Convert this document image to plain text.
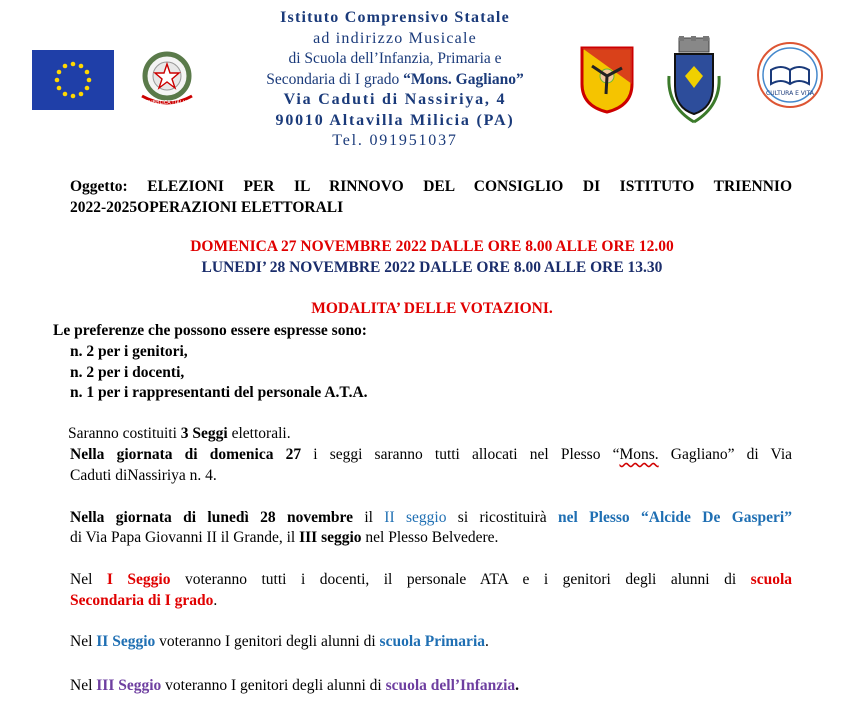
REPUBBLICA ITALIANA
Istituto Comprensivo Statale
ad indirizzo Musicale
di Scuola dell’Infanzia, Primaria e
Secondaria di I grado “Mons. Gagliano”
Via Caduti di Nassiriya, 4
90010 Altavilla Milicia (PA)
Tel. 091951037
CULTURA E VITA
Oggetto: ELEZIONI PER IL RINNOVO DEL CONSIGLIO DI ISTITUTO TRIENNIO
2022-2025OPERAZIONI ELETTORALI
DOMENICA 27 NOVEMBRE 2022 DALLE ORE 8.00 ALLE ORE 12.00
LUNEDI’ 28 NOVEMBRE 2022 DALLE ORE 8.00 ALLE ORE 13.30
MODALITA’ DELLE VOTAZIONI.
Le preferenze che possono essere espresse sono:
n. 2 per i genitori,
n. 2 per i docenti,
n. 1 per i rappresentanti del personale A.T.A.
Saranno costituiti 3 Seggi elettorali.
Nella giornata di domenica 27 i seggi saranno tutti allocati nel Plesso “Mons. Gagliano” di Via
Caduti diNassiriya n. 4.
Nella giornata di lunedì 28 novembre il II seggio si ricostituirà nel Plesso “Alcide De Gasperi”
di Via Papa Giovanni II il Grande, il III seggio nel Plesso Belvedere.
Nel I Seggio voteranno tutti i docenti, il personale ATA e i genitori degli alunni di scuola
Secondaria di I grado.
Nel II Seggio voteranno I genitori degli alunni di scuola Primaria.
Nel III Seggio voteranno I genitori degli alunni di scuola dell’Infanzia.
